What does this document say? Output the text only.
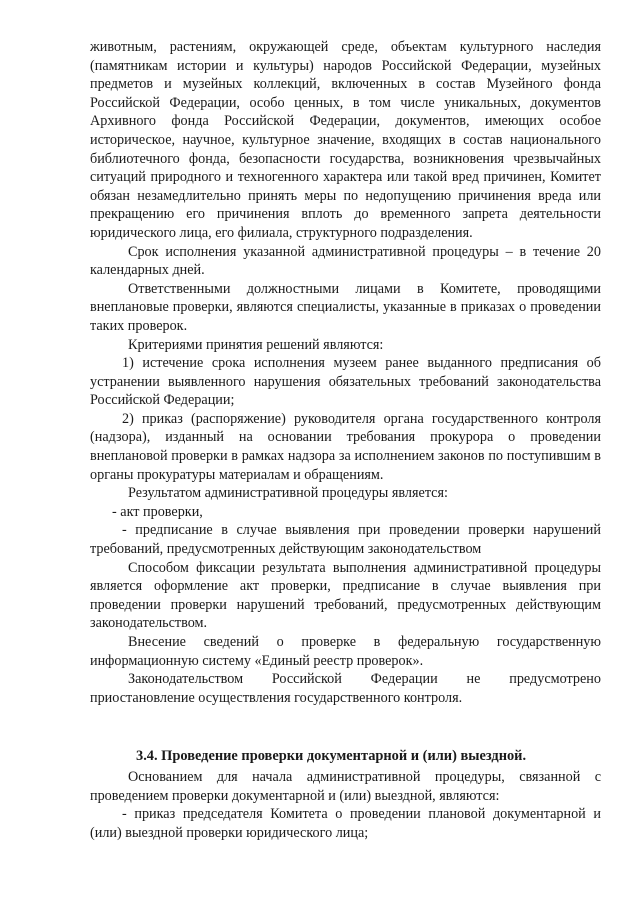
животным, растениям, окружающей среде, объектам культурного наследия (памятникам истории и культуры) народов Российской Федерации, музейных предметов и музейных коллекций, включенных в состав Музейного фонда Российской Федерации, особо ценных, в том числе уникальных, документов Архивного фонда Российской Федерации, документов, имеющих особое историческое, научное, культурное значение, входящих в состав национального библиотечного фонда, безопасности государства, возникновения чрезвычайных ситуаций природного и техногенного характера или такой вред причинен, Комитет обязан незамедлительно принять меры по недопущению причинения вреда или прекращению его причинения вплоть до временного запрета деятельности юридического лица, его филиала, структурного подразделения.

Срок исполнения указанной административной процедуры – в течение 20 календарных дней.

Ответственными должностными лицами в Комитете, проводящими внеплановые проверки, являются специалисты, указанные в приказах о проведении таких проверок.

Критериями принятия решений являются:

1) истечение срока исполнения музеем ранее выданного предписания об устранении выявленного нарушения обязательных требований законодательства Российской Федерации;

2) приказ (распоряжение) руководителя органа государственного контроля (надзора), изданный на основании требования прокурора о проведении внеплановой проверки в рамках надзора за исполнением законов по поступившим в органы прокуратуры материалам и обращениям.

Результатом административной процедуры является:

- акт проверки,

- предписание в случае выявления при проведении проверки нарушений требований, предусмотренных действующим законодательством

Способом фиксации результата выполнения административной процедуры является оформление акт проверки, предписание в случае выявления при проведении проверки нарушений требований, предусмотренных действующим законодательством.

Внесение сведений о проверке в федеральную государственную информационную систему «Единый реестр проверок».

Законодательством Российской Федерации не предусмотрено приостановление осуществления государственного контроля.

3.4. Проведение проверки документарной и (или) выездной.

Основанием для начала административной процедуры, связанной с проведением проверки документарной и (или) выездной, являются:

- приказ председателя Комитета о проведении плановой документарной и (или) выездной проверки юридического лица;
